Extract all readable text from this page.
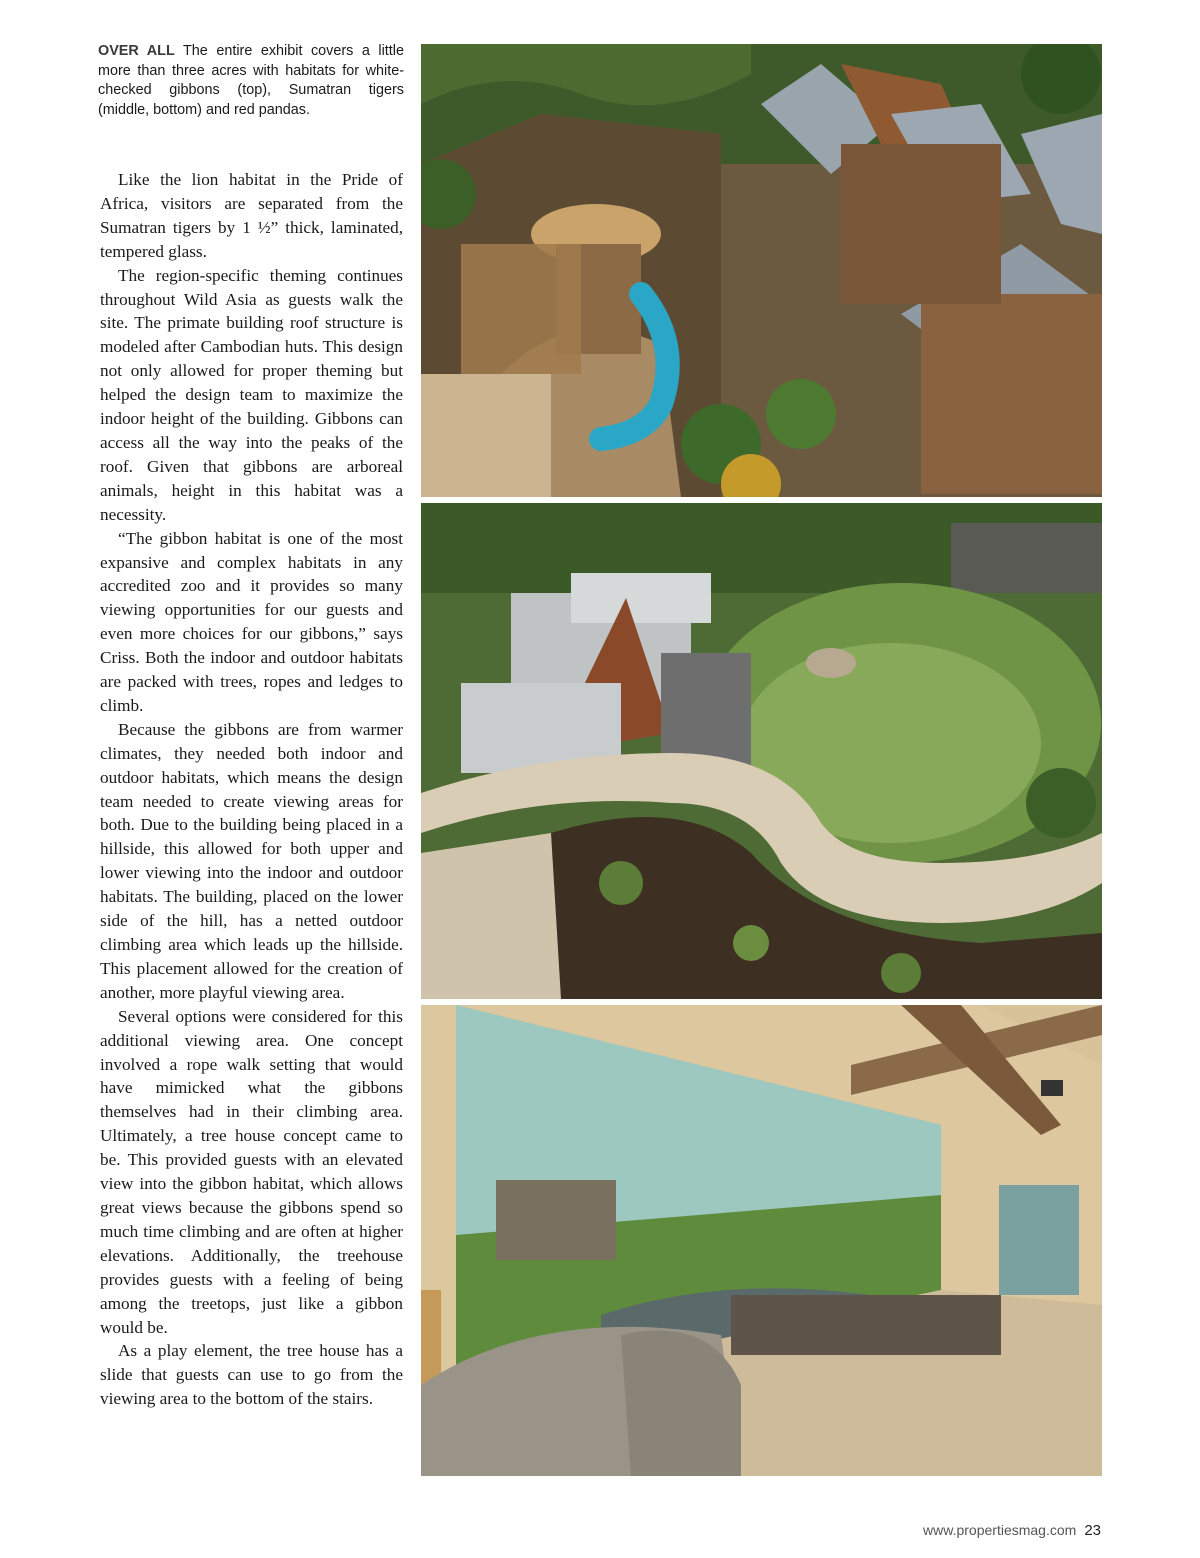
OVER ALL The entire exhibit covers a little more than three acres with habitats for white-checked gibbons (top), Sumatran tigers (middle, bottom) and red pandas.

Like the lion habitat in the Pride of Africa, visitors are separated from the Sumatran tigers by 1 ½” thick, laminated, tempered glass.

The region-specific theming continues throughout Wild Asia as guests walk the site. The primate building roof structure is modeled after Cambodian huts. This design not only allowed for proper theming but helped the design team to maximize the indoor height of the building. Gibbons can access all the way into the peaks of the roof. Given that gibbons are arboreal animals, height in this habitat was a necessity.

“The gibbon habitat is one of the most expansive and complex habitats in any accredited zoo and it provides so many viewing opportunities for our guests and even more choices for our gibbons,” says Criss. Both the indoor and outdoor habitats are packed with trees, ropes and ledges to climb.

Because the gibbons are from warmer climates, they needed both indoor and outdoor habitats, which means the design team needed to create viewing areas for both. Due to the building being placed in a hillside, this allowed for both upper and lower viewing into the indoor and outdoor habitats. The building, placed on the lower side of the hill, has a netted outdoor climbing area which leads up the hillside. This placement allowed for the creation of another, more playful viewing area.

Several options were considered for this additional viewing area. One concept involved a rope walk setting that would have mimicked what the gibbons themselves had in their climbing area. Ultimately, a tree house concept came to be. This provided guests with an elevated view into the gibbon habitat, which allows great views because the gibbons spend so much time climbing and are often at higher elevations. Additionally, the treehouse provides guests with a feeling of being among the treetops, just like a gibbon would be.

As a play element, the tree house has a slide that guests can use to go from the viewing area to the bottom of the stairs.

www.propertiesmag.com 23
